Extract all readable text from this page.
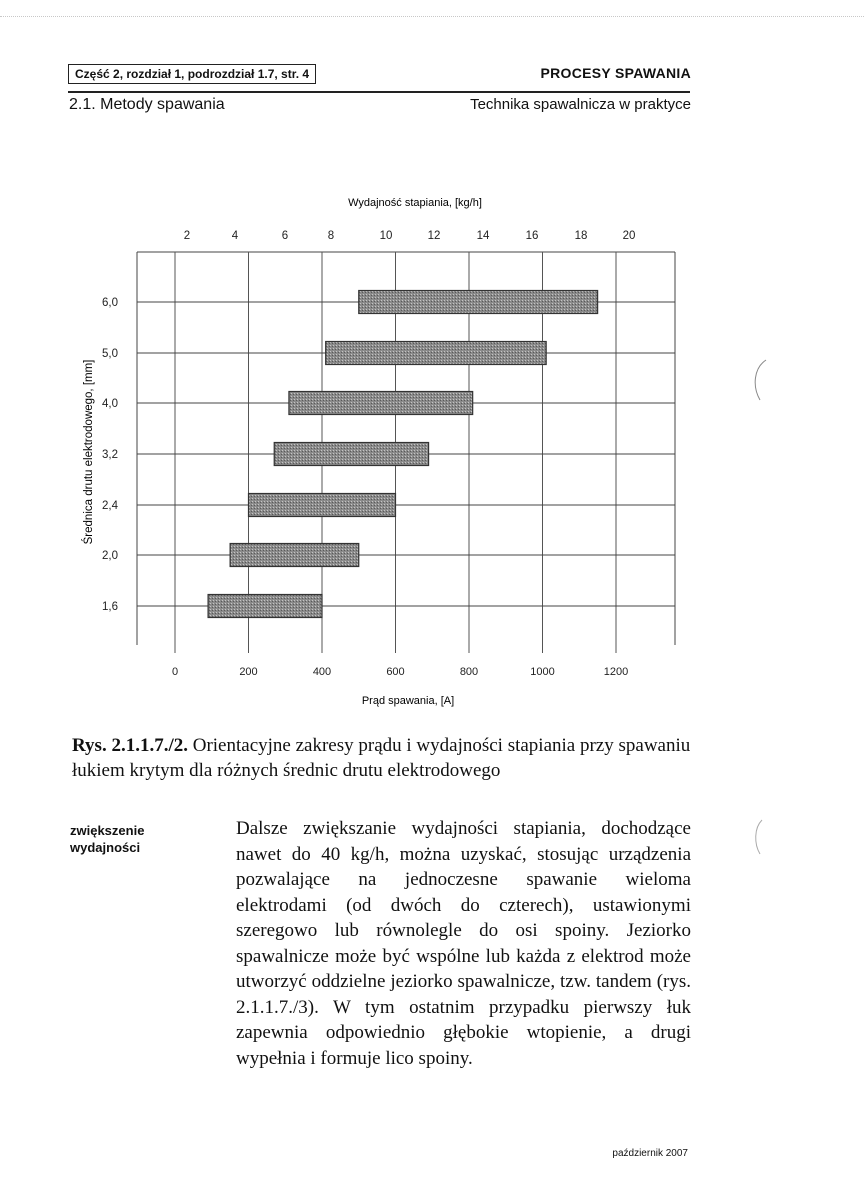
Część 2, rozdział 1, podrozdział 1.7, str. 4	PROCESY SPAWANIA
2.1. Metody spawania	Technika spawalnicza w praktyce
Wydajność stapiania, [kg/h]
Prąd spawania, [A]
Średnica drutu elektrodowego, [mm]
0	200	400	600	800	1000	1200
2	4	6	8	10	12	14	16	18	20
6,0
5,0
4,0
3,2
2,4
2,0
1,6
Rys. 2.1.1.7./2. Orientacyjne zakresy prądu i wydajności stapiania przy spawaniu łukiem krytym dla różnych średnic drutu elektrodowego
zwiększenie
wydajności
Dalsze zwiększanie wydajności stapiania, dochodzące nawet do 40 kg/h, można uzyskać, stosując urządzenia pozwalające na jednoczesne spawanie wieloma elektrodami (od dwóch do czterech), ustawionymi szeregowo lub równolegle do osi spoiny. Jeziorko spawalnicze może być wspólne lub każda z elektrod może utworzyć oddzielne jeziorko spawalnicze, tzw. tandem (rys. 2.1.1.7./3). W tym ostatnim przypadku pierwszy łuk zapewnia odpowiednio głębokie wtopienie, a drugi wypełnia i formuje lico spoiny.
październik 2007
